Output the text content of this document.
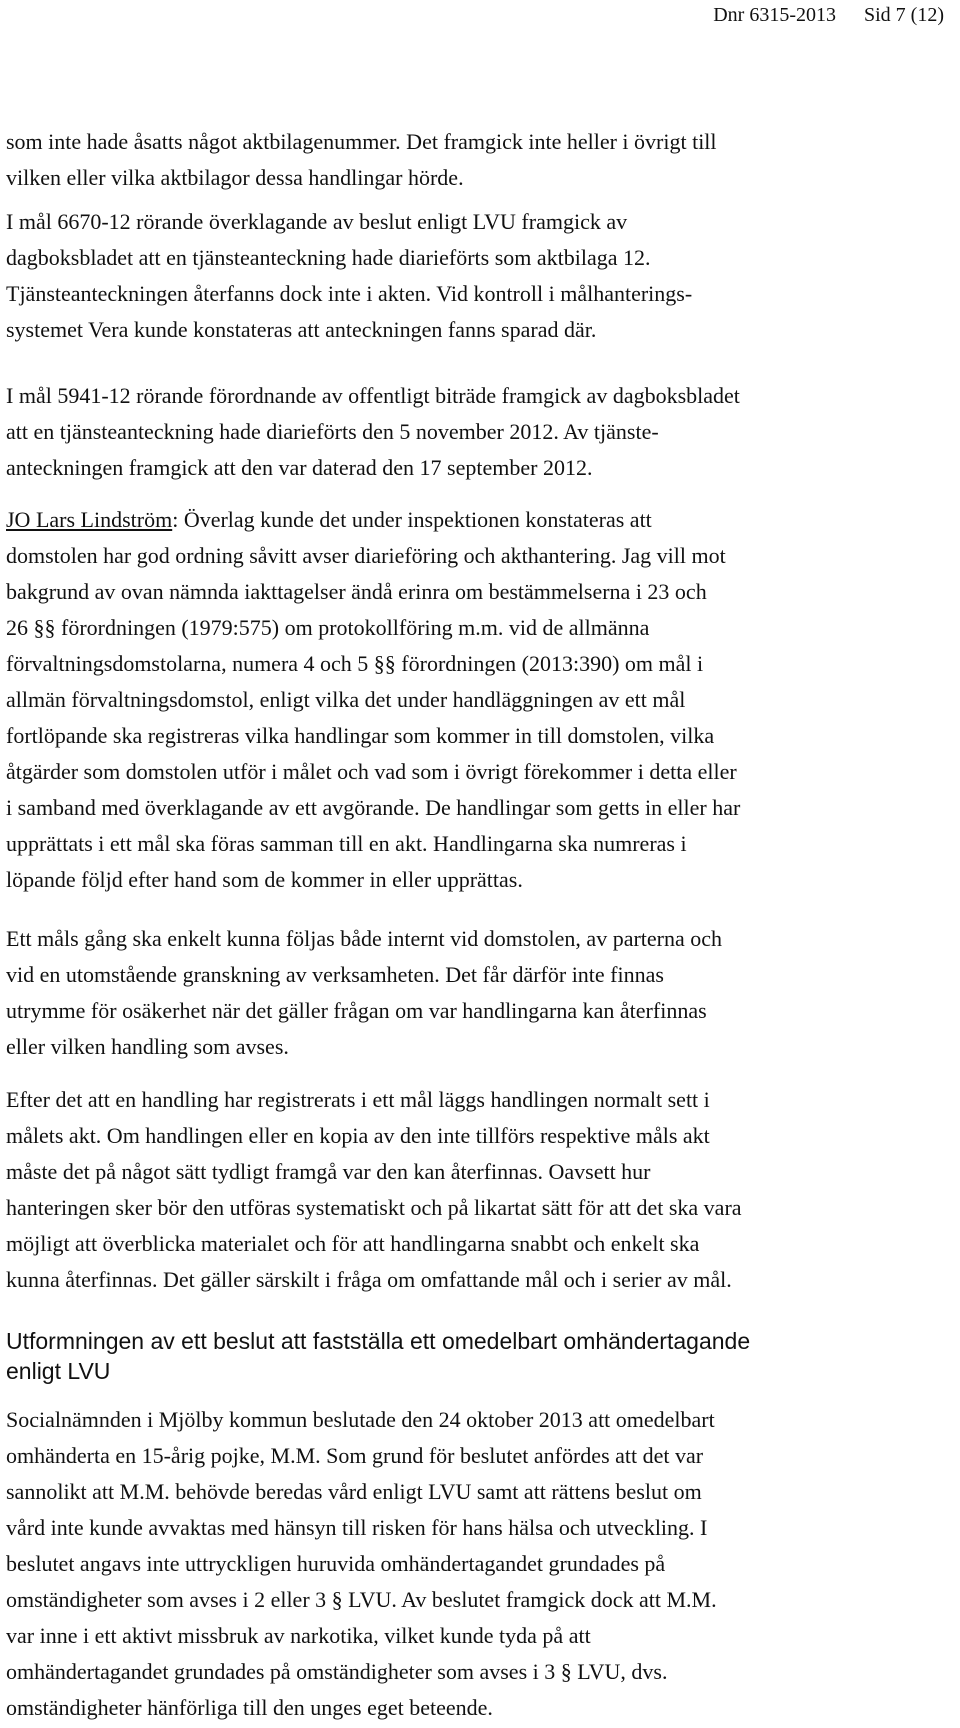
Dnr 6315-2013 Sid 7 (12)
som inte hade åsatts något aktbilagenummer. Det framgick inte heller i övrigt till
vilken eller vilka aktbilagor dessa handlingar hörde.
I mål 6670-12 rörande överklagande av beslut enligt LVU framgick av
dagboksbladet att en tjänsteanteckning hade diarieförts som aktbilaga 12.
Tjänsteanteckningen återfanns dock inte i akten. Vid kontroll i målhanterings-
systemet Vera kunde konstateras att anteckningen fanns sparad där.
I mål 5941-12 rörande förordnande av offentligt biträde framgick av dagboksbladet
att en tjänsteanteckning hade diarieförts den 5 november 2012. Av tjänste-
anteckningen framgick att den var daterad den 17 september 2012.
JO Lars Lindström: Överlag kunde det under inspektionen konstateras att
domstolen har god ordning såvitt avser diarieföring och akthantering. Jag vill mot
bakgrund av ovan nämnda iakttagelser ändå erinra om bestämmelserna i 23 och
26 §§ förordningen (1979:575) om protokollföring m.m. vid de allmänna
förvaltningsdomstolarna, numera 4 och 5 §§ förordningen (2013:390) om mål i
allmän förvaltningsdomstol, enligt vilka det under handläggningen av ett mål
fortlöpande ska registreras vilka handlingar som kommer in till domstolen, vilka
åtgärder som domstolen utför i målet och vad som i övrigt förekommer i detta eller
i samband med överklagande av ett avgörande. De handlingar som getts in eller har
upprättats i ett mål ska föras samman till en akt. Handlingarna ska numreras i
löpande följd efter hand som de kommer in eller upprättas.
Ett måls gång ska enkelt kunna följas både internt vid domstolen, av parterna och
vid en utomstående granskning av verksamheten. Det får därför inte finnas
utrymme för osäkerhet när det gäller frågan om var handlingarna kan återfinnas
eller vilken handling som avses.
Efter det att en handling har registrerats i ett mål läggs handlingen normalt sett i
målets akt. Om handlingen eller en kopia av den inte tillförs respektive måls akt
måste det på något sätt tydligt framgå var den kan återfinnas. Oavsett hur
hanteringen sker bör den utföras systematiskt och på likartat sätt för att det ska vara
möjligt att överblicka materialet och för att handlingarna snabbt och enkelt ska
kunna återfinnas. Det gäller särskilt i fråga om omfattande mål och i serier av mål.
Utformningen av ett beslut att fastställa ett omedelbart omhändertagande
enligt LVU
Socialnämnden i Mjölby kommun beslutade den 24 oktober 2013 att omedelbart
omhänderta en 15-årig pojke, M.M. Som grund för beslutet anfördes att det var
sannolikt att M.M. behövde beredas vård enligt LVU samt att rättens beslut om
vård inte kunde avvaktas med hänsyn till risken för hans hälsa och utveckling. I
beslutet angavs inte uttryckligen huruvida omhändertagandet grundades på
omständigheter som avses i 2 eller 3 § LVU. Av beslutet framgick dock att M.M.
var inne i ett aktivt missbruk av narkotika, vilket kunde tyda på att
omhändertagandet grundades på omständigheter som avses i 3 § LVU, dvs.
omständigheter hänförliga till den unges eget beteende.
